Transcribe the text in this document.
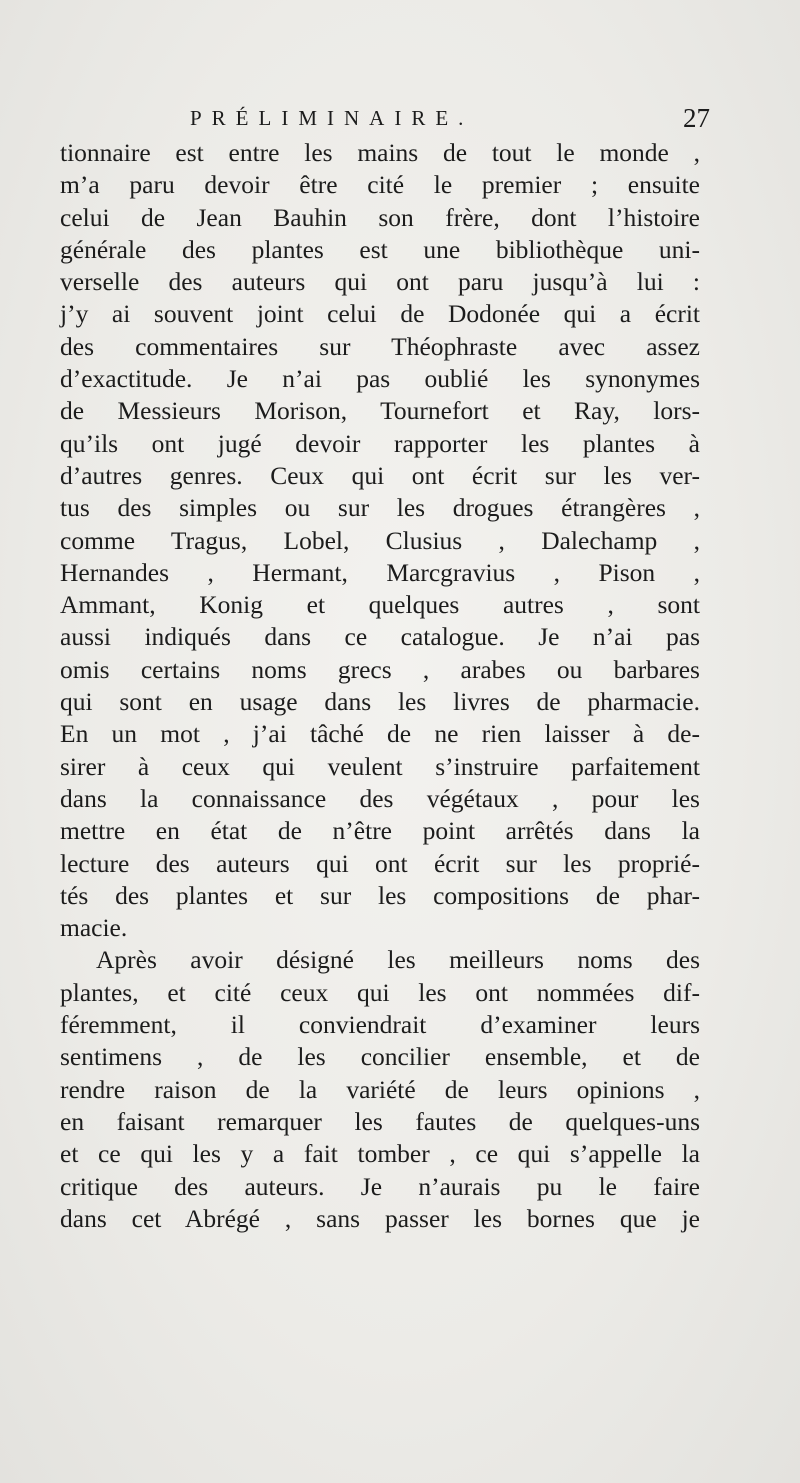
PRÉLIMINAIRE.	27
tionnaire est entre les mains de tout le monde ,
m’a paru devoir être cité le premier ; ensuite
celui de Jean Bauhin son frère, dont l’histoire
générale des plantes est une bibliothèque uni-
verselle des auteurs qui ont paru jusqu’à lui :
j’y ai souvent joint celui de Dodonée qui a écrit
des commentaires sur Théophraste avec assez
d’exactitude. Je n’ai pas oublié les synonymes
de Messieurs Morison, Tournefort et Ray, lors-
qu’ils ont jugé devoir rapporter les plantes à
d’autres genres. Ceux qui ont écrit sur les ver-
tus des simples ou sur les drogues étrangères ,
comme Tragus, Lobel, Clusius , Dalechamp ,
Hernandes , Hermant, Marcgravius , Pison ,
Ammant, Konig et quelques autres , sont
aussi indiqués dans ce catalogue. Je n’ai pas
omis certains noms grecs , arabes ou barbares
qui sont en usage dans les livres de pharmacie.
En un mot , j’ai tâché de ne rien laisser à de-
sirer à ceux qui veulent s’instruire parfaitement
dans la connaissance des végétaux , pour les
mettre en état de n’être point arrêtés dans la
lecture des auteurs qui ont écrit sur les proprié-
tés des plantes et sur les compositions de phar-
macie.
Après avoir désigné les meilleurs noms des
plantes, et cité ceux qui les ont nommées dif-
féremment, il conviendrait d’examiner leurs
sentimens , de les concilier ensemble, et de
rendre raison de la variété de leurs opinions ,
en faisant remarquer les fautes de quelques-uns
et ce qui les y a fait tomber , ce qui s’appelle la
critique des auteurs. Je n’aurais pu le faire
dans cet Abrégé , sans passer les bornes que je
